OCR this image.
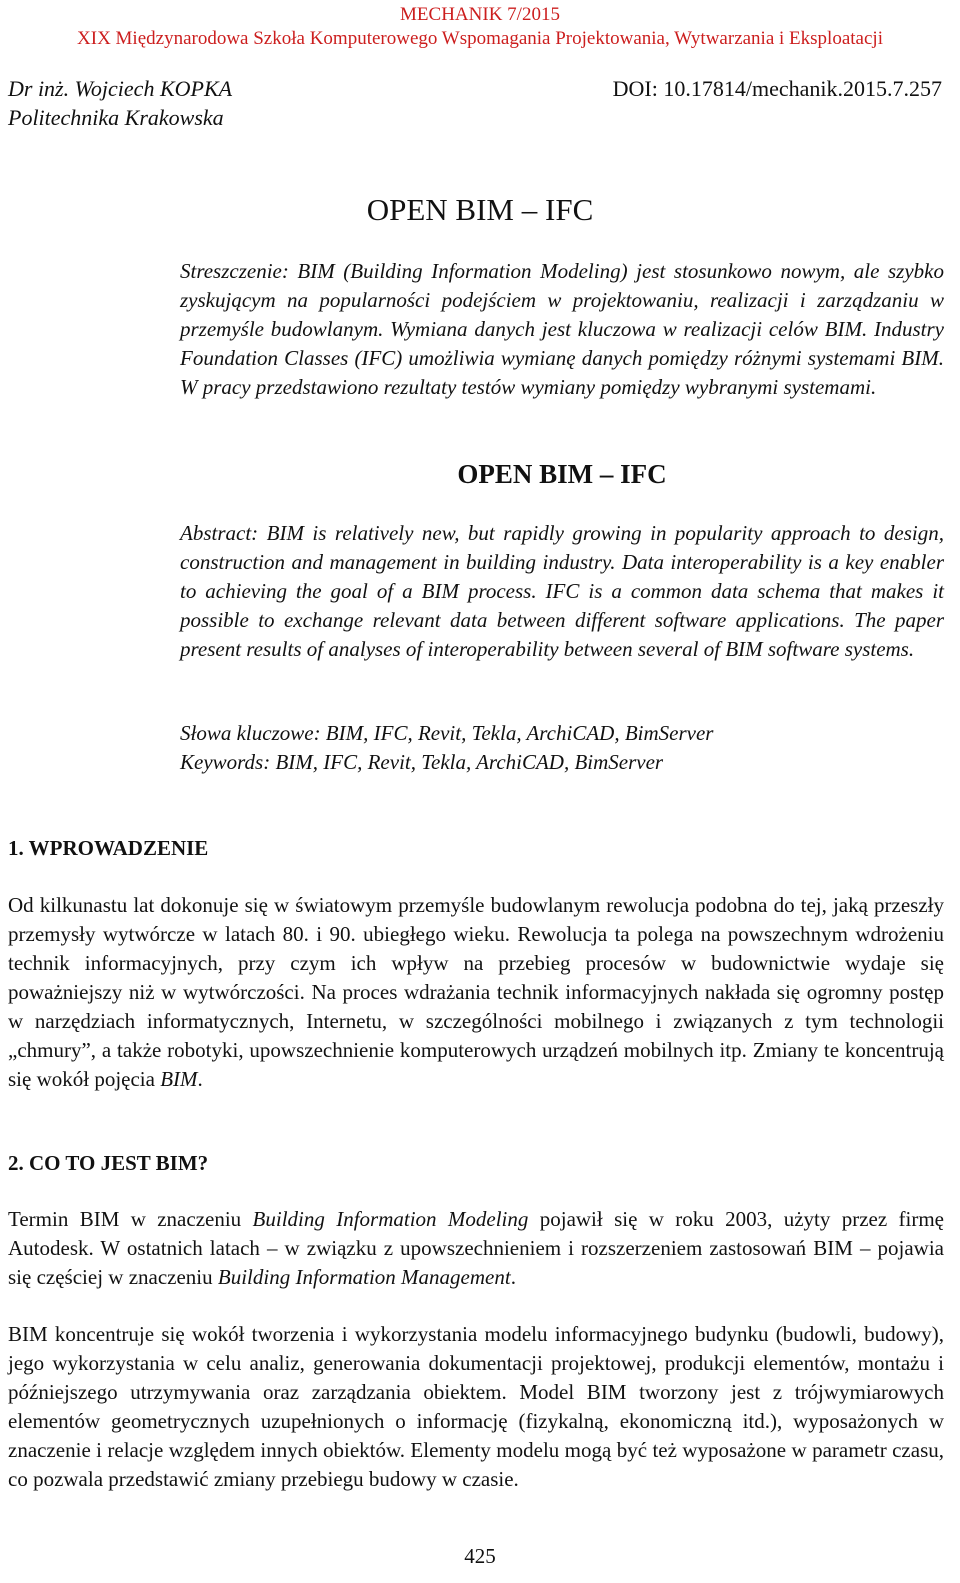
MECHANIK 7/2015
XIX Międzynarodowa Szkoła Komputerowego Wspomagania Projektowania, Wytwarzania i Eksploatacji
Dr inż. Wojciech KOPKA
Politechnika Krakowska
DOI: 10.17814/mechanik.2015.7.257
OPEN BIM – IFC

Streszczenie: BIM (Building Information Modeling) jest stosunkowo nowym, ale szybko zyskującym na popularności podejściem w projektowaniu, realizacji i zarządzaniu w przemyśle budowlanym. Wymiana danych jest kluczowa w realizacji celów BIM. Industry Foundation Classes (IFC) umożliwia wymianę danych pomiędzy różnymi systemami BIM. W pracy przedstawiono rezultaty testów wymiany pomiędzy wybranymi systemami.

OPEN BIM – IFC

Abstract: BIM is relatively new, but rapidly growing in popularity approach to design, construction and management in building industry. Data interoperability is a key enabler to achieving the goal of a BIM process. IFC is a common data schema that makes it possible to exchange relevant data between different software applications. The paper present results of analyses of interoperability between several of BIM software systems.

Słowa kluczowe: BIM, IFC, Revit, Tekla, ArchiCAD, BimServer
Keywords: BIM, IFC, Revit, Tekla, ArchiCAD, BimServer
1. WPROWADZENIE

Od kilkunastu lat dokonuje się w światowym przemyśle budowlanym rewolucja podobna do tej, jaką przeszły przemysły wytwórcze w latach 80. i 90. ubiegłego wieku. Rewolucja ta polega na powszechnym wdrożeniu technik informacyjnych, przy czym ich wpływ na przebieg procesów w budownictwie wydaje się poważniejszy niż w wytwórczości. Na proces wdrażania technik informacyjnych nakłada się ogromny postęp w narzędziach informatycznych, Internetu, w szczególności mobilnego i związanych z tym technologii „chmury”, a także robotyki, upowszechnienie komputerowych urządzeń mobilnych itp. Zmiany te koncentrują się wokół pojęcia BIM.

2. CO TO JEST BIM?

Termin BIM w znaczeniu Building Information Modeling pojawił się w roku 2003, użyty przez firmę Autodesk. W ostatnich latach – w związku z upowszechnieniem i rozszerzeniem zastosowań BIM – pojawia się częściej w znaczeniu Building Information Management.

BIM koncentruje się wokół tworzenia i wykorzystania modelu informacyjnego budynku (budowli, budowy), jego wykorzystania w celu analiz, generowania dokumentacji projektowej, produkcji elementów, montażu i późniejszego utrzymywania oraz zarządzania obiektem. Model BIM tworzony jest z trójwymiarowych elementów geometrycznych uzupełnionych o informację (fizykalną, ekonomiczną itd.), wyposażonych w znaczenie i relacje względem innych obiektów. Elementy modelu mogą być też wyposażone w parametr czasu, co pozwala przedstawić zmiany przebiegu budowy w czasie.

425
